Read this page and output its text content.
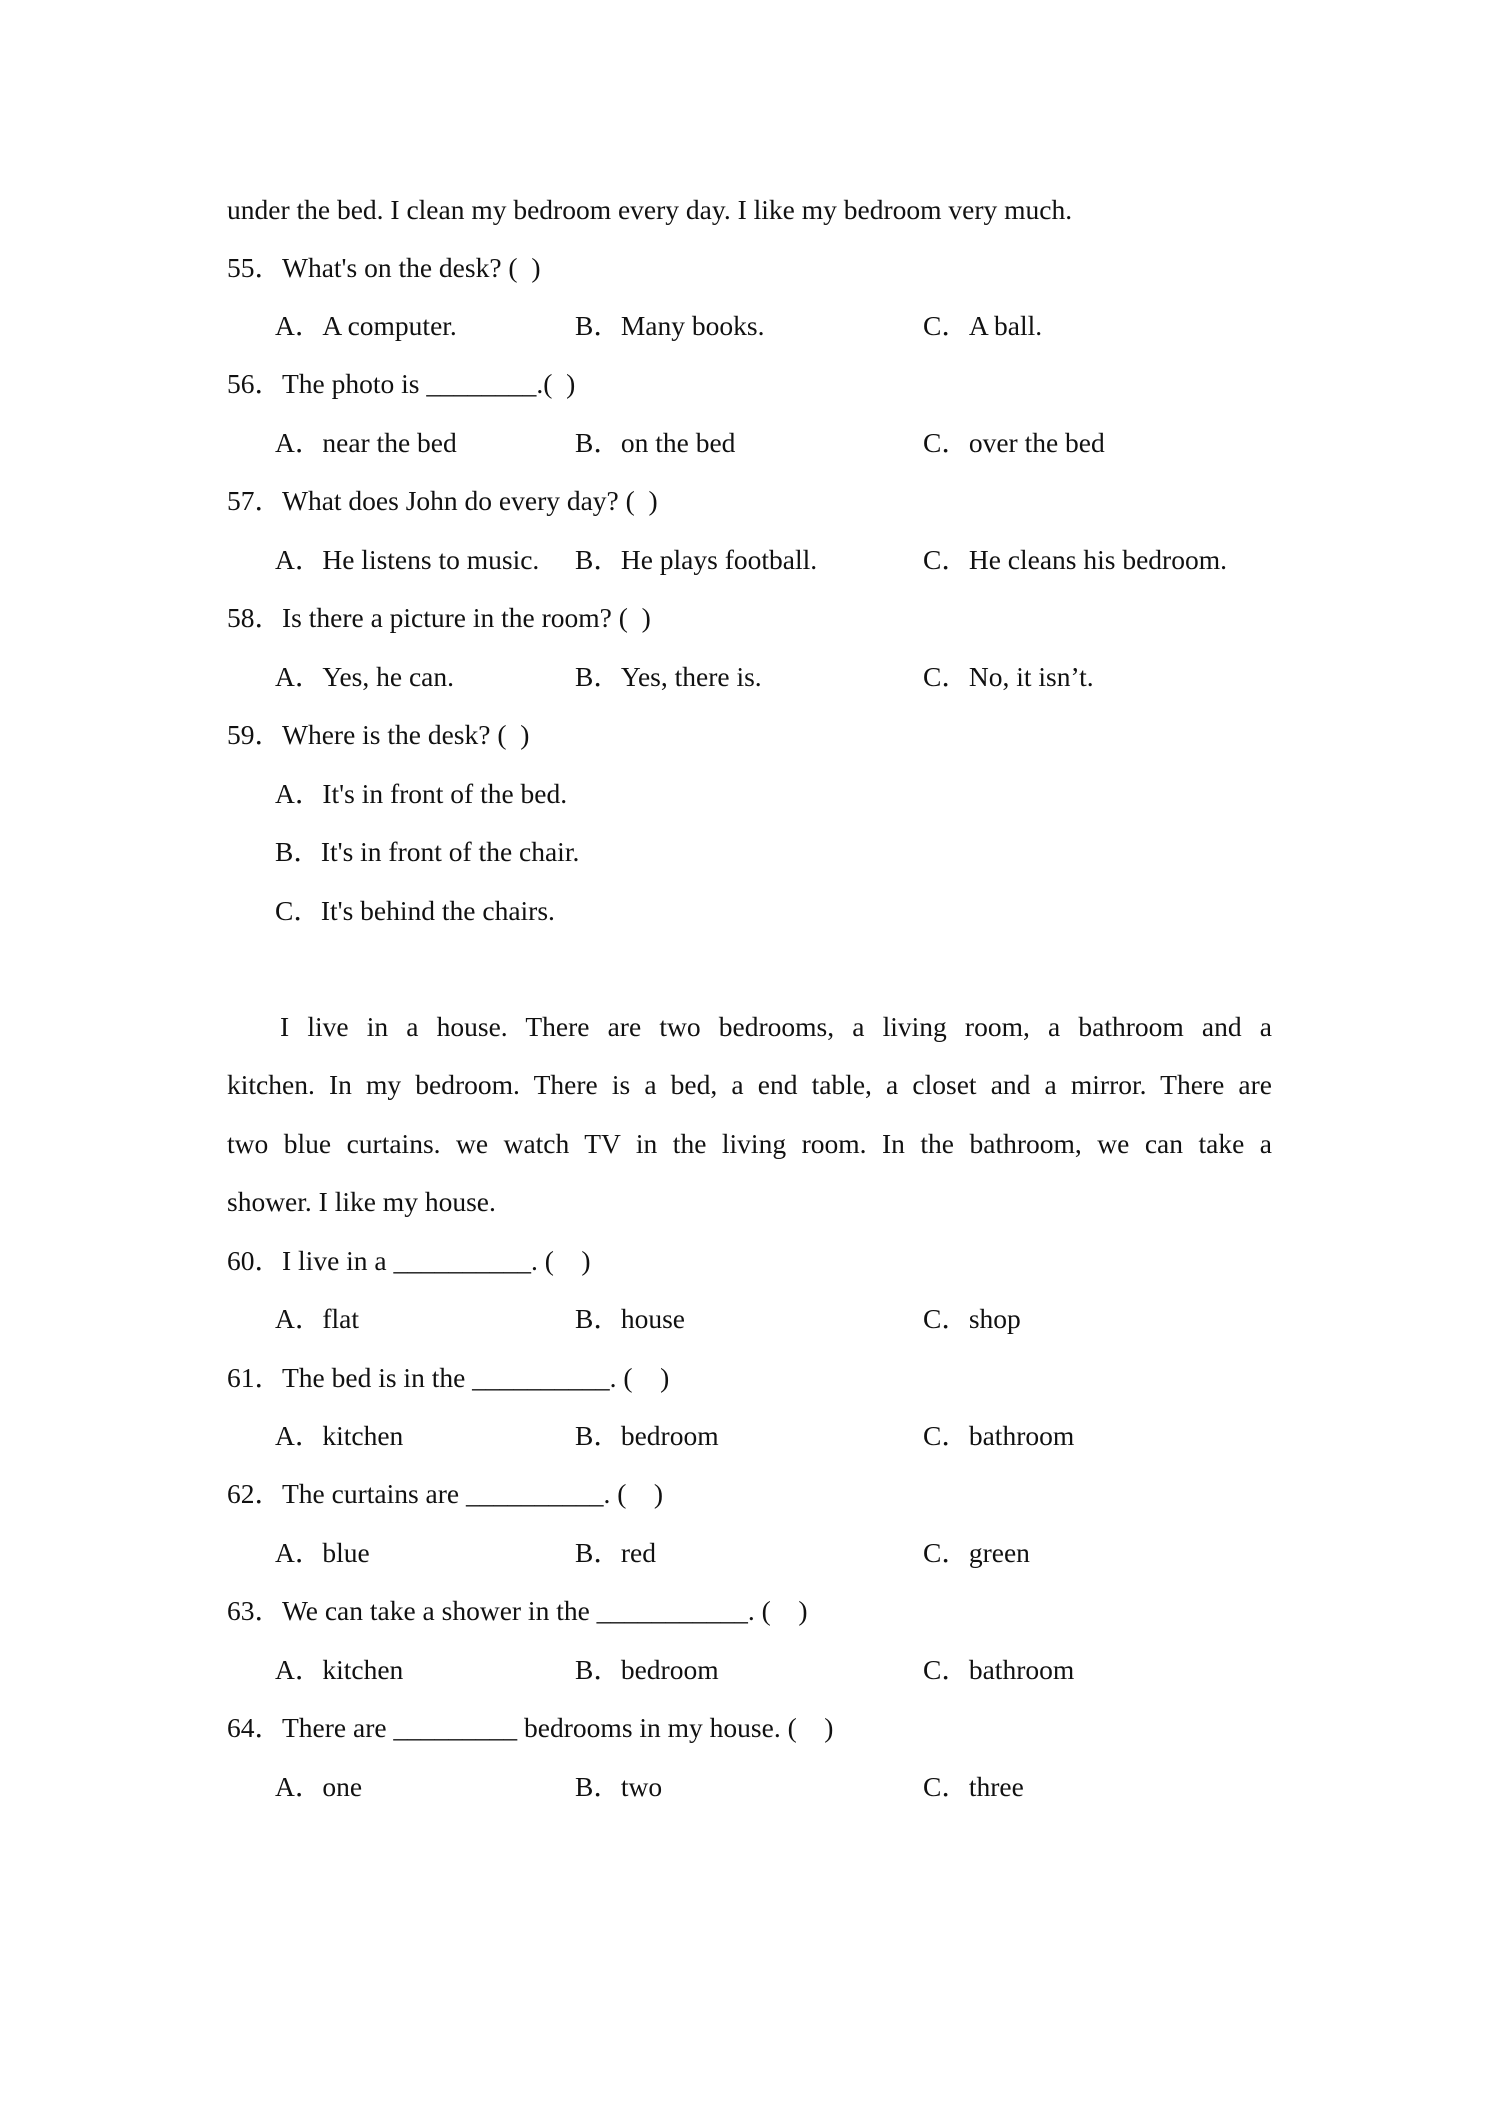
under the bed. I clean my bedroom every day. I like my bedroom very much.
55．What's on the desk? (  )
A．A computer.	B．Many books.	C．A ball.
56．The photo is ________.(  )
A．near the bed	B．on the bed	C．over the bed
57．What does John do every day? (  )
A．He listens to music. B．He plays football.	C．He cleans his bedroom.
58．Is there a picture in the room? (  )
A．Yes, he can.	B．Yes, there is.	C．No, it isn’t.
59．Where is the desk? (  )
A．It's in front of the bed.
B．It's in front of the chair.
C．It's behind the chairs.
I live in a house. There are two bedrooms, a living room, a bathroom and a
kitchen. In my bedroom. There is a bed, a end table, a closet and a mirror. There are
two blue curtains. we watch TV in the living room. In the bathroom, we can take a
shower. I like my house.
60．I live in a __________. (    )
A．flat	B．house	C．shop
61．The bed is in the __________. (    )
A．kitchen	B．bedroom	C．bathroom
62．The curtains are __________. (    )
A．blue	B．red	C．green
63．We can take a shower in the ___________. (    )
A．kitchen	B．bedroom	C．bathroom
64．There are _________ bedrooms in my house. (    )
A．one	B．two	C．three
